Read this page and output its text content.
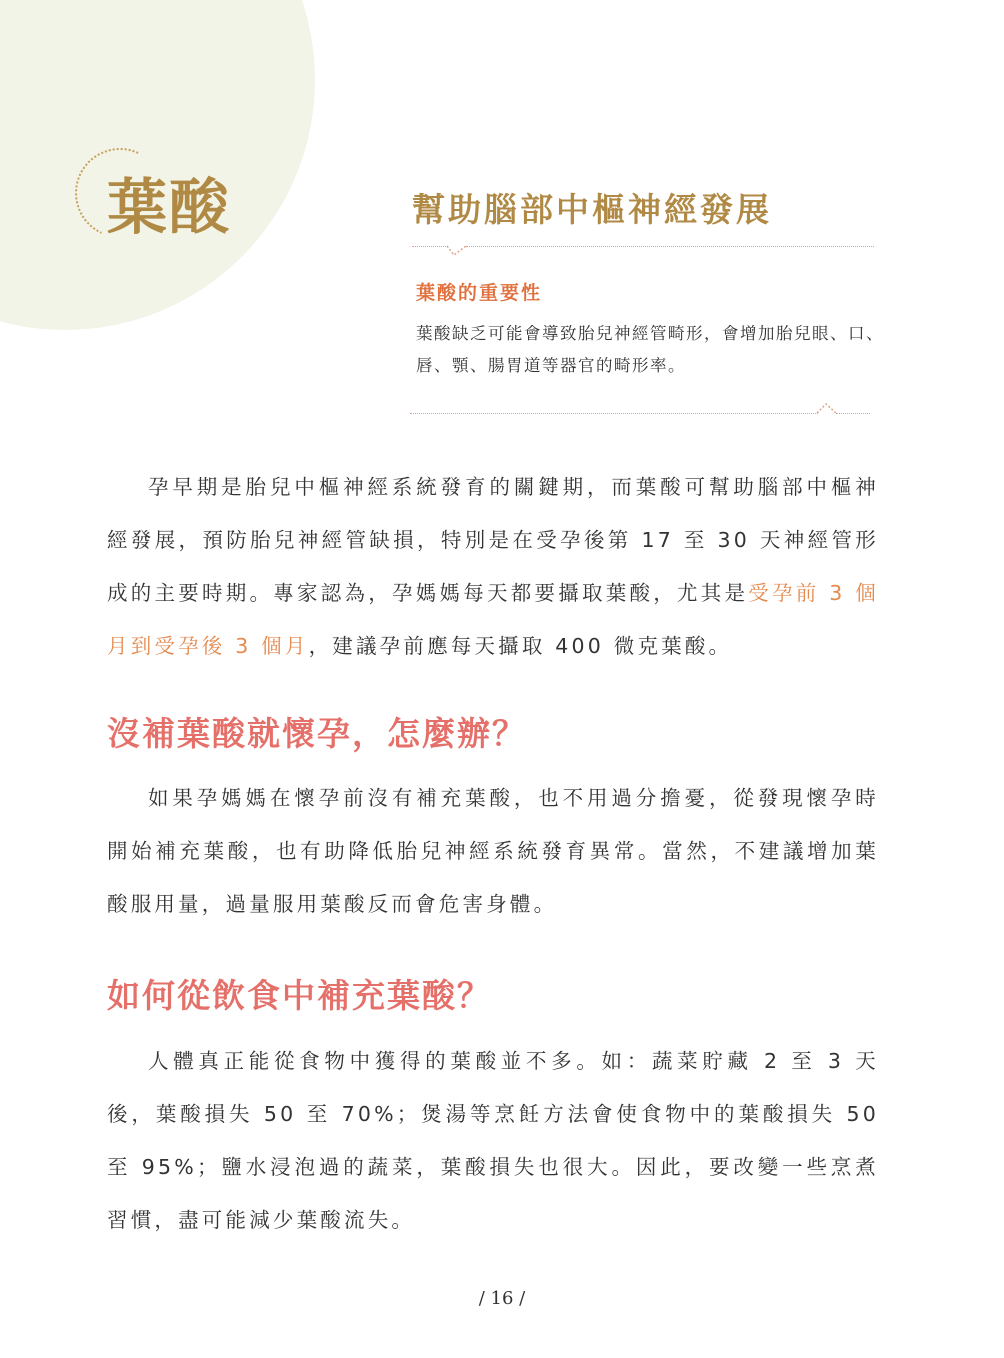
葉酸	幫助腦部中樞神經發展
葉酸的重要性

葉酸缺乏可能會導致胎兒神經管畸形，會增加胎兒眼、口、唇、顎、腸胃道等器官的畸形率。

孕早期是胎兒中樞神經系統發育的關鍵期，而葉酸可幫助腦部中樞神經發展，預防胎兒神經管缺損，特別是在受孕後第 17 至 30 天神經管形成的主要時期。專家認為，孕媽媽每天都要攝取葉酸，尤其是受孕前 3 個月到受孕後 3 個月，建議孕前應每天攝取 400 微克葉酸。

沒補葉酸就懷孕，怎麼辦？

如果孕媽媽在懷孕前沒有補充葉酸，也不用過分擔憂，從發現懷孕時開始補充葉酸，也有助降低胎兒神經系統發育異常。當然，不建議增加葉酸服用量，過量服用葉酸反而會危害身體。

如何從飲食中補充葉酸？

人體真正能從食物中獲得的葉酸並不多。如：蔬菜貯藏 2 至 3 天後，葉酸損失 50 至 70%；煲湯等烹飪方法會使食物中的葉酸損失 50 至 95%；鹽水浸泡過的蔬菜，葉酸損失也很大。因此，要改變一些烹煮習慣，盡可能減少葉酸流失。

/ 16 /
